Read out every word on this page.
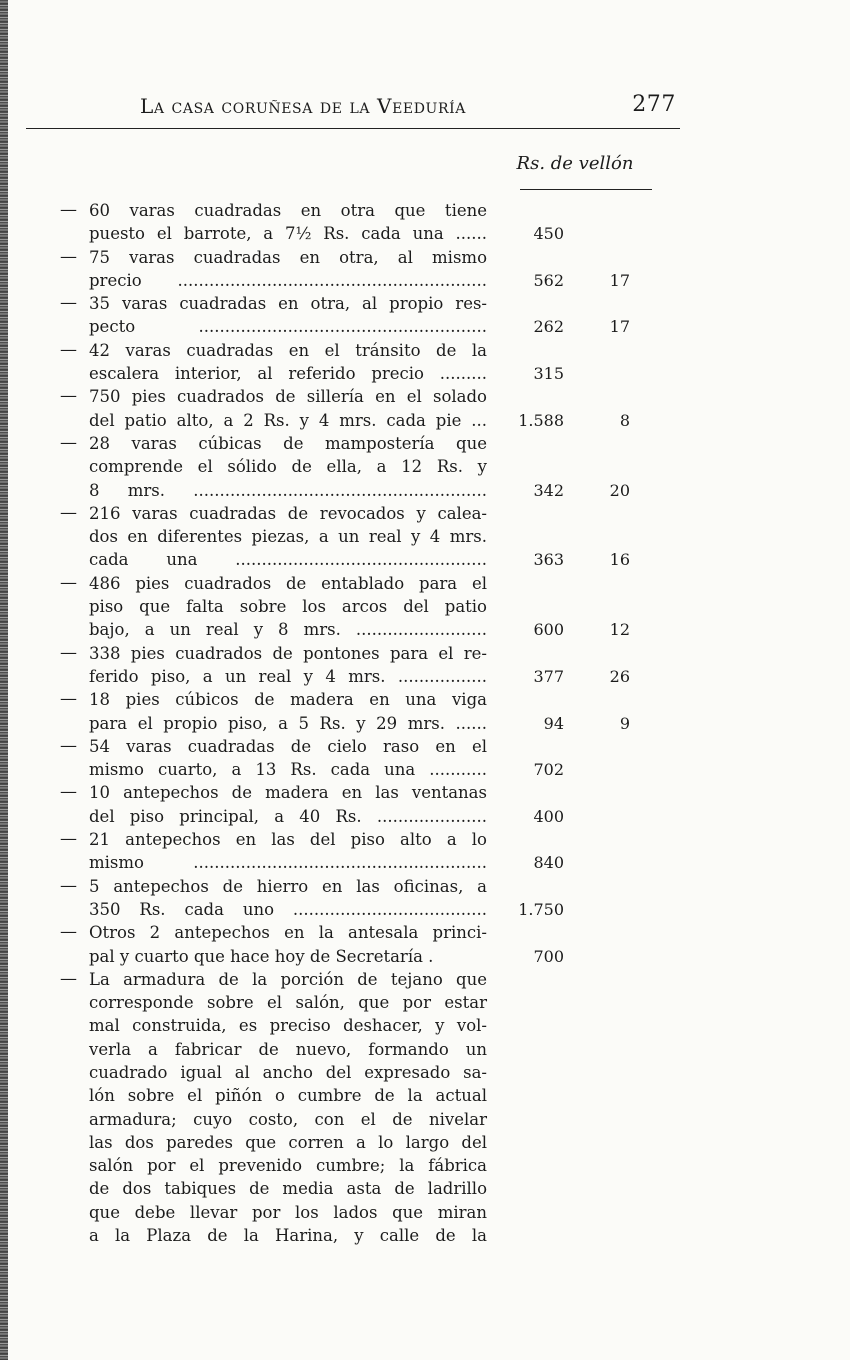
La casa coruñesa de la Veeduría	277
Rs. de vellón
— 60 varas cuadradas en otra que tiene
puesto el barrote, a 7½ Rs. cada una ......	450
— 75 varas cuadradas en otra, al mismo
precio ...........................................................	562	17
— 35 varas cuadradas en otra, al propio res-
pecto .......................................................	262	17
— 42 varas cuadradas en el tránsito de la
escalera interior, al referido precio .........	315
— 750 pies cuadrados de sillería en el solado
del patio alto, a 2 Rs. y 4 mrs. cada pie ...	1.588	8
— 28 varas cúbicas de mampostería que
comprende el sólido de ella, a 12 Rs. y
8 mrs. ........................................................	342	20
— 216 varas cuadradas de revocados y calea-
dos en diferentes piezas, a un real y 4 mrs.
cada una ................................................	363	16
— 486 pies cuadrados de entablado para el
piso que falta sobre los arcos del patio
bajo, a un real y 8 mrs. .........................	600	12
— 338 pies cuadrados de pontones para el re-
ferido piso, a un real y 4 mrs. .................	377	26
— 18 pies cúbicos de madera en una viga
para el propio piso, a 5 Rs. y 29 mrs. ......	94	9
— 54 varas cuadradas de cielo raso en el
mismo cuarto, a 13 Rs. cada una ...........	702
— 10 antepechos de madera en las ventanas
del piso principal, a 40 Rs. .....................	400
— 21 antepechos en las del piso alto a lo
mismo ........................................................	840
— 5 antepechos de hierro en las oficinas, a
350 Rs. cada uno .....................................	1.750
— Otros 2 antepechos en la antesala princi-
pal y cuarto que hace hoy de Secretaría .	700
— La armadura de la porción de tejano que
corresponde sobre el salón, que por estar
mal construida, es preciso deshacer, y vol-
verla a fabricar de nuevo, formando un
cuadrado igual al ancho del expresado sa-
lón sobre el piñón o cumbre de la actual
armadura; cuyo costo, con el de nivelar
las dos paredes que corren a lo largo del
salón por el prevenido cumbre; la fábrica
de dos tabiques de media asta de ladrillo
que debe llevar por los lados que miran
a la Plaza de la Harina, y calle de la
